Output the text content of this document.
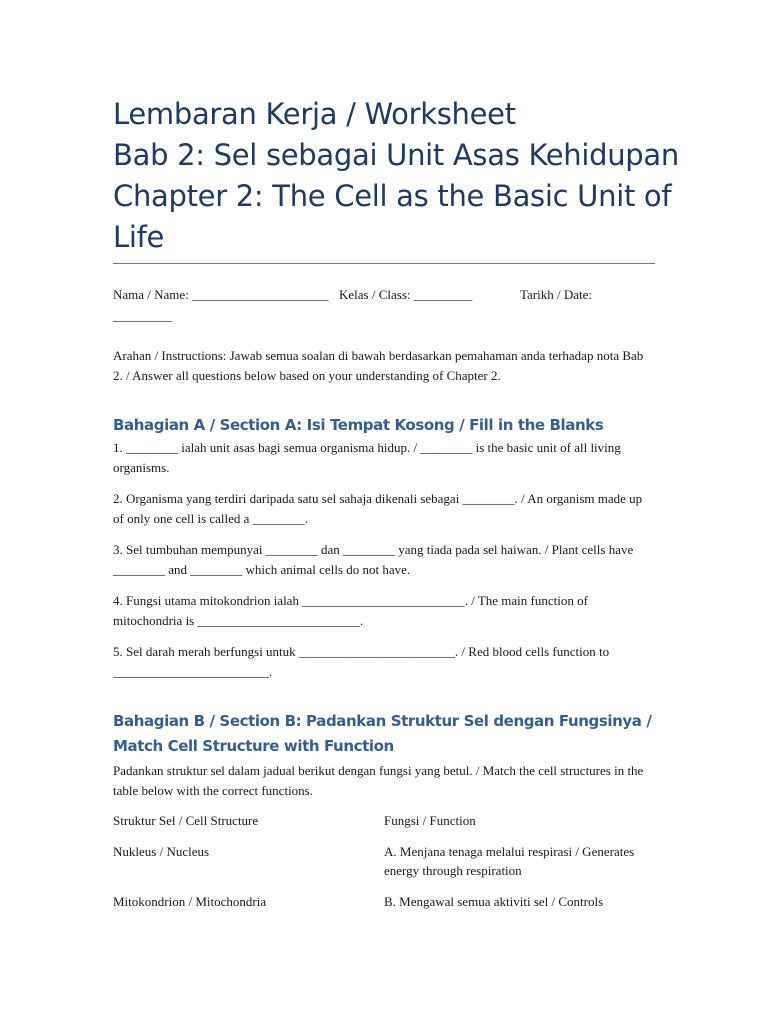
Lembaran Kerja / Worksheet
Bab 2: Sel sebagai Unit Asas Kehidupan
Chapter 2: The Cell as the Basic Unit of
Life
Nama / Name: _____________________ Kelas / Class: _________	Tarikh / Date:
_________

Arahan / Instructions: Jawab semua soalan di bawah berdasarkan pemahaman anda terhadap nota Bab 2. / Answer all questions below based on your understanding of Chapter 2.

Bahagian A / Section A: Isi Tempat Kosong / Fill in the Blanks

1. ________ ialah unit asas bagi semua organisma hidup. / ________ is the basic unit of all living organisms.

2. Organisma yang terdiri daripada satu sel sahaja dikenali sebagai ________. / An organism made up of only one cell is called a ________.

3. Sel tumbuhan mempunyai ________ dan ________ yang tiada pada sel haiwan. / Plant cells have ________ and ________ which animal cells do not have.

4. Fungsi utama mitokondrion ialah _________________________. / The main function of mitochondria is _________________________.

5. Sel darah merah berfungsi untuk ________________________. / Red blood cells function to ________________________.

Bahagian B / Section B: Padankan Struktur Sel dengan Fungsinya / Match Cell Structure with Function

Padankan struktur sel dalam jadual berikut dengan fungsi yang betul. / Match the cell structures in the table below with the correct functions.

Struktur Sel / Cell Structure	Fungsi / Function
Nukleus / Nucleus	A. Menjana tenaga melalui respirasi / Generates energy through respiration
Mitokondrion / Mitochondria	B. Mengawal semua aktiviti sel / Controls
